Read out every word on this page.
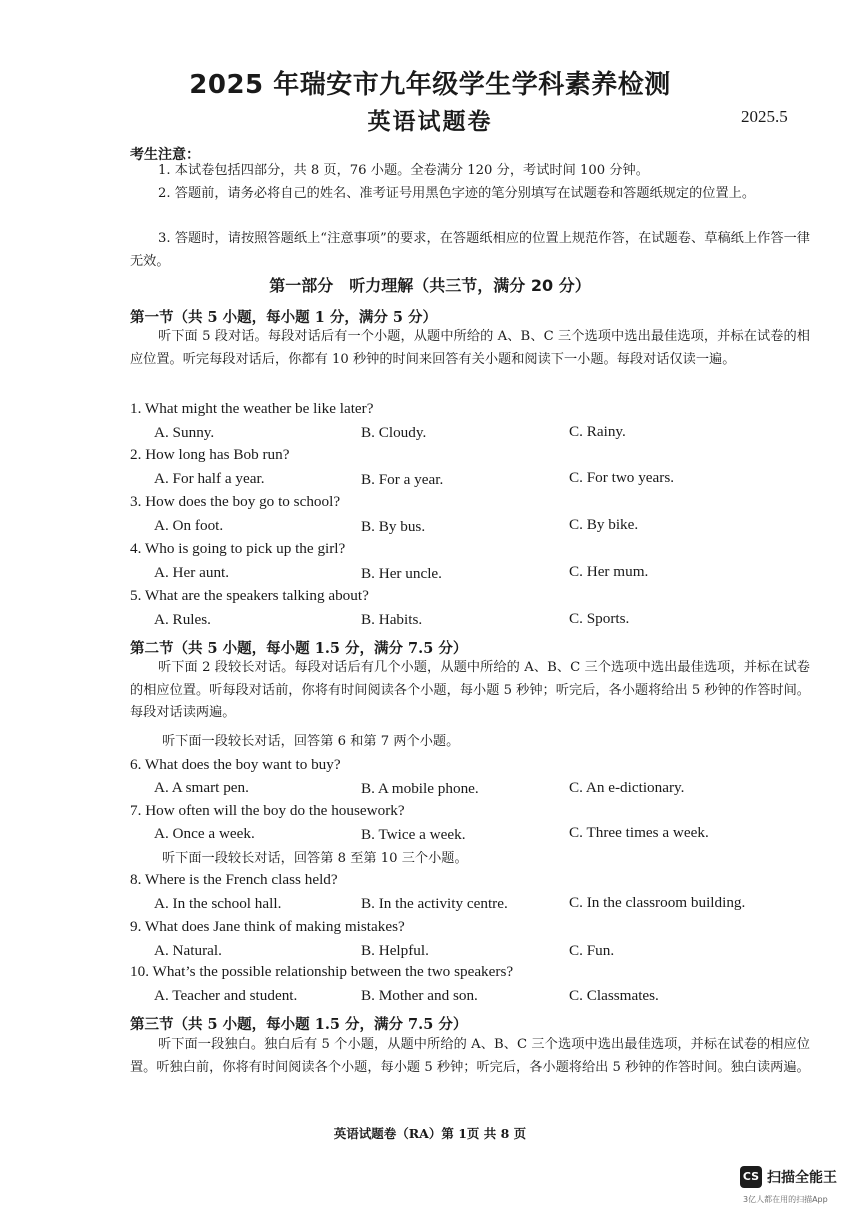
2025 年瑞安市九年级学生学科素养检测
英语试题卷	2025.5
考生注意：
1. 本试卷包括四部分，共 8 页，76 小题。全卷满分 120 分，考试时间 100 分钟。
2. 答题前，请务必将自己的姓名、准考证号用黑色字迹的笔分别填写在试题卷和答题纸规定的位置上。
3. 答题时，请按照答题纸上“注意事项”的要求，在答题纸相应的位置上规范作答，在试题卷、草稿纸上作答一律无效。
第一部分　听力理解（共三节，满分 20 分）
第一节（共 5 小题，每小题 1 分，满分 5 分）
听下面 5 段对话。每段对话后有一个小题，从题中所给的 A、B、C 三个选项中选出最佳选项，并标在试卷的相应位置。听完每段对话后，你都有 10 秒钟的时间来回答有关小题和阅读下一小题。每段对话仅读一遍。
1. What might the weather be like later?
A. Sunny.	B. Cloudy.	C. Rainy.
2. How long has Bob run?
A. For half a year.	B. For a year.	C. For two years.
3. How does the boy go to school?
A. On foot.	B. By bus.	C. By bike.
4. Who is going to pick up the girl?
A. Her aunt.	B. Her uncle.	C. Her mum.
5. What are the speakers talking about?
A. Rules.	B. Habits.	C. Sports.
第二节（共 5 小题，每小题 1.5 分，满分 7.5 分）
听下面 2 段较长对话。每段对话后有几个小题，从题中所给的 A、B、C 三个选项中选出最佳选项，并标在试卷的相应位置。听每段对话前，你将有时间阅读各个小题，每小题 5 秒钟；听完后，各小题将给出 5 秒钟的作答时间。每段对话读两遍。
听下面一段较长对话，回答第 6 和第 7 两个小题。
6. What does the boy want to buy?
A. A smart pen.	B. A mobile phone.	C. An e-dictionary.
7. How often will the boy do the housework?
A. Once a week.	B. Twice a week.	C. Three times a week.
听下面一段较长对话，回答第 8 至第 10 三个小题。
8. Where is the French class held?
A. In the school hall.	B. In the activity centre.	C. In the classroom building.
9. What does Jane think of making mistakes?
A. Natural.	B. Helpful.	C. Fun.
10. What’s the possible relationship between the two speakers?
A. Teacher and student.	B. Mother and son.	C. Classmates.
第三节（共 5 小题，每小题 1.5 分，满分 7.5 分）
听下面一段独白。独白后有 5 个小题，从题中所给的 A、B、C 三个选项中选出最佳选项，并标在试卷的相应位置。听独白前，你将有时间阅读各个小题，每小题 5 秒钟；听完后，各小题将给出 5 秒钟的作答时间。独白读两遍。
英语试题卷（RA）第 1页 共 8 页
CS 扫描全能王
3亿人都在用的扫描App
